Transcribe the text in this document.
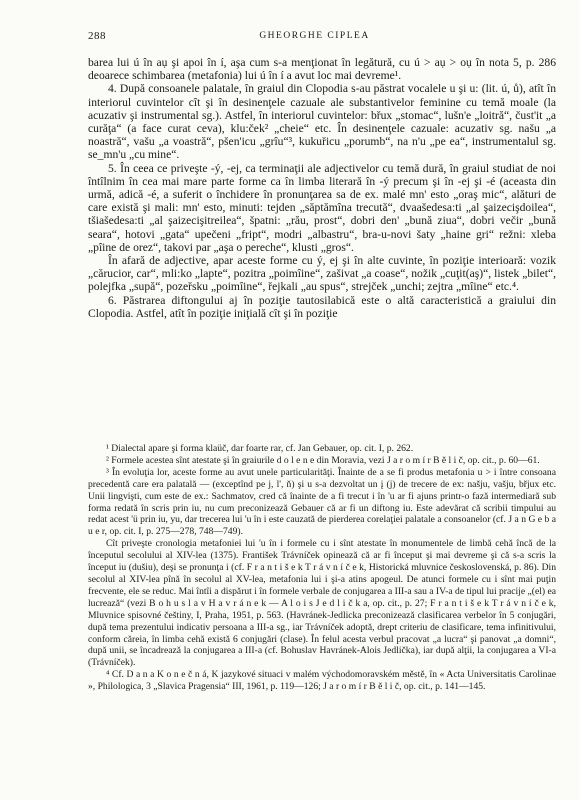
288	GHEORGHE CIPLEA

barea lui ú în aụ şi apoi în í, aşa cum s-a menţionat în legătură, cu ú > aụ > oụ în nota 5, p. 286 deoarece schimbarea (metafonia) lui ú în í a avut loc mai devreme¹.

4. După consoanele palatale, în graiul din Clopodia s-au păstrat vocalele u şi u: (lit. ú, ů), atît în interiorul cuvintelor cît şi în desinenţele cazuale ale substantivelor feminine cu temă moale (la acuzativ şi instrumental sg.). Astfel, în interiorul cuvintelor: břux „stomac“, lušn'e „loitră“, čust'it „a curăţa“ (a face curat ceva), klu:ček² „cheie“ etc. În desinenţele cazuale: acuzativ sg. našu „a noastră“, vašu „a voastră“, pšen'icu „grîu“³, kukuřicu „porumb“, na n'u „pe ea“, instrumentalul sg. se_mn'u „cu mine“.

5. În ceea ce priveşte -ý, -ej, ca terminaţii ale adjectivelor cu temă dură, în graiul studiat de noi întîlnim în cea mai mare parte forme ca în limba literară în -ý precum şi în -ej şi -é (aceasta din urmă, adică -é, a suferit o închidere în pronunţarea sa de ex. malé mn' esto „oraş mic“, alături de care există şi mali: mn' esto, minuti: tejden „săptămîna trecută“, dvaašedesa:ti „al şaizecişdoilea“, tšiašedesa:ti „al şaizecişitreilea“, špatni: „rău, prost“, dobri den' „bună ziua“, dobri večir „bună seara“, hotovi „gata“ upečeni „fript“, modri „albastru“, bra-u-novi šaty „haine gri“ režni: xleba „pîine de orez“, takovi par „aşa o pereche“, klusti „gros“.

În afară de adjective, apar aceste forme cu ý, ej şi în alte cuvinte, în poziţie interioară: vozik „cărucior, car“, mli:ko „lapte“, pozitra „poimîine“, zašivat „a coase“, nožik „cuţit(aş)“, listek „bilet“, polejfka „supă“, pozeřsku „poimîine“, řejkali „au spus“, strejček „unchi; zejtra „mîine“ etc.⁴.

6. Păstrarea diftongului aj în poziţie tautosilabică este o altă caracteristică a graiului din Clopodia. Astfel, atît în poziţie iniţială cît şi în poziţie

¹ Dialectal apare şi forma klaüč, dar foarte rar, cf. Jan Gebauer, op. cit. I, p. 262.

² Formele acestea sînt atestate şi în graiurile d o l e n e din Moravia, vezi J a r o m í r B ě l i č, op. cit., p. 60—61.

³ În evoluţia lor, aceste forme au avut unele particularităţi. Înainte de a se fi produs metafonia u > i între consoana precedentă care era palatală — (exceptînd pe j, l', ň) şi u s-a dezvoltat un į (j) de trecere de ex: našju, vašju, břjux etc. Unii lingvişti, cum este de ex.: Sachmatov, cred că înainte de a fi trecut i în 'u ar fi ajuns printr-o fază intermediară sub forma redată în scris prin iu, nu cum preconizează Gebauer că ar fi un diftong iu. Este adevărat că scribii timpului au redat acest 'ü prin iu, yu, dar trecerea lui 'u în i este cauzată de pierderea corelaţiei palatale a consoanelor (cf. J a n G e b a u e r, op. cit. I, p. 275—278, 748—749).

Cît priveşte cronologia metafoniei lui 'u în i formele cu i sînt atestate în monumentele de limbă cehă încă de la începutul secolului al XIV-lea (1375). František Trávníček opinează că ar fi început şi mai devreme şi că s-a scris la început iu (dušiu), deşi se pronunţa i (cf. F r a n t i š e k T r á v n í č e k, Historická mluvnice československá, p. 86). Din secolul al XIV-lea pînă în secolul al XV-lea, metafonia lui i şi-a atins apogeul. De atunci formele cu i sînt mai puţin frecvente, ele se reduc. Mai întîi a dispărut i în formele verbale de conjugarea a III-a sau a IV-a de tipul lui pracije „(el) ea lucrează“ (vezi B o h u s l a v H a v r á n e k — A l o i s J e d l i č k a, op. cit., p. 27; F r a n t i š e k T r á v n í č e k, Mluvnice spisovné češtiny, I, Praha, 1951, p. 563. (Havránek-Jedlicka preconizează clasificarea verbelor în 5 conjugări, după tema prezentului indicativ persoana a III-a sg., iar Trávníček adoptă, drept criteriu de clasificare, tema infinitivului, conform căreia, în limba cehă există 6 conjugări (clase). În felul acesta verbul pracovat „a lucra“ şi panovat „a domni“, după unii, se încadrează la conjugarea a III-a (cf. Bohuslav Havránek-Alois Jedlička), iar după alţii, la conjugarea a VI-a (Trávníček).

⁴ Cf. D a n a K o n e č n á, K jazykové situaci v malém východomoravském městě, în « Acta Universitatis Carolinae », Philologica, 3 „Slavica Pragensia“ III, 1961, p. 119—126; J a r o m í r B ě l i č, op. cit., p. 141—145.
